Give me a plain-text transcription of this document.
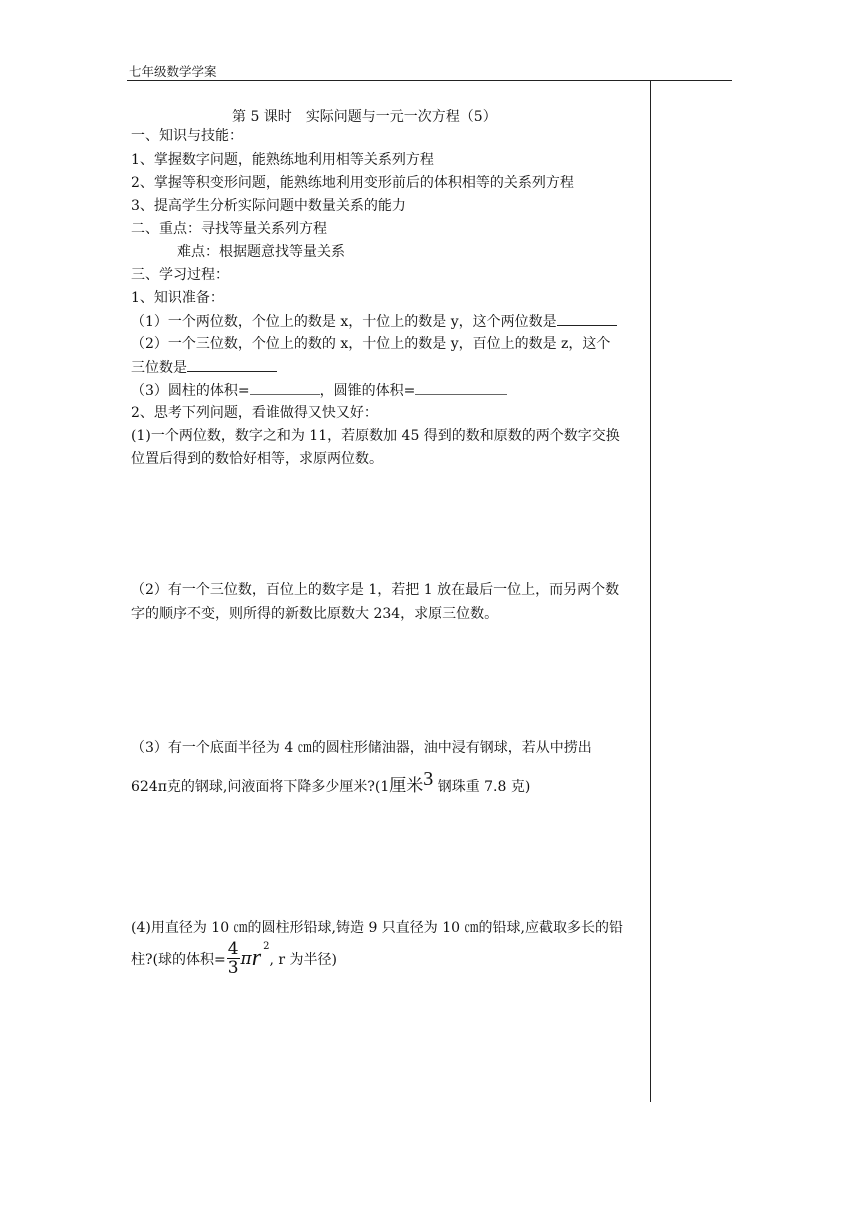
七年级数学学案
第 5 课时 实际问题与一元一次方程（5）
一、知识与技能：
1、掌握数字问题，能熟练地利用相等关系列方程
2、掌握等积变形问题，能熟练地利用变形前后的体积相等的关系列方程
3、提高学生分析实际问题中数量关系的能力
二、重点：寻找等量关系列方程
难点：根据题意找等量关系
三、学习过程：
1、知识准备：
（1）一个两位数，个位上的数是 x，十位上的数是 y，这个两位数是
（2）一个三位数，个位上的数的 x，十位上的数是 y，百位上的数是 z，这个
三位数是
（3）圆柱的体积=	，圆锥的体积=
2、思考下列问题，看谁做得又快又好：
(1)一个两位数，数字之和为 11，若原数加 45 得到的数和原数的两个数字交换
位置后得到的数恰好相等，求原两位数。
（2）有一个三位数，百位上的数字是 1，若把 1 放在最后一位上，而另两个数
字的顺序不变，则所得的新数比原数大 234，求原三位数。
（3）有一个底面半径为 4 ㎝的圆柱形储油器，油中浸有钢球，若从中捞出
624π克的钢球,问液面将下降多少厘米?(1厘米3 钢珠重 7.8 克)
(4)用直径为 10 ㎝的圆柱形铅球,铸造 9 只直径为 10 ㎝的铅球,应截取多长的铅
柱?(球的体积= $\frac{4}{3}$ π r 2
, r 为半径)
